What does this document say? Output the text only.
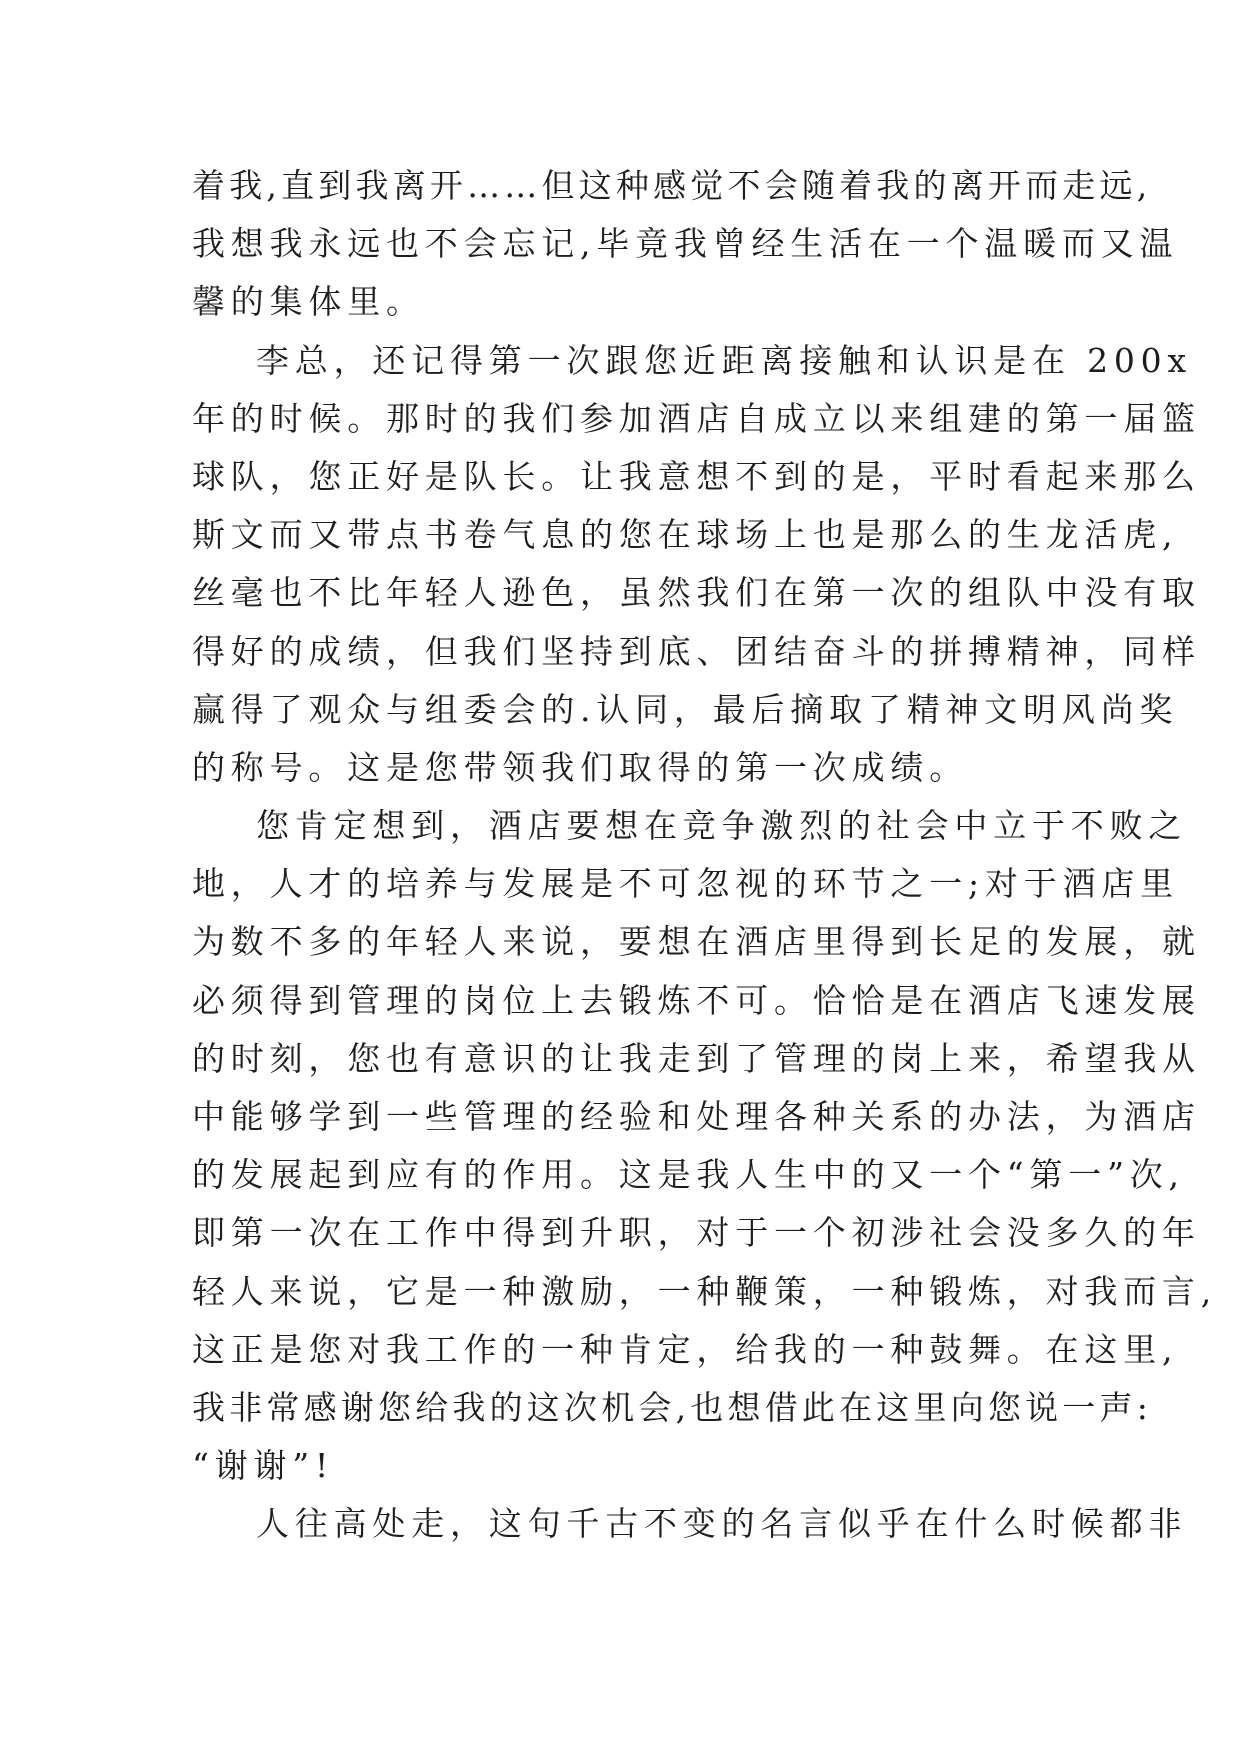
着我,直到我离开……但这种感觉不会随着我的离开而走远,
我想我永远也不会忘记,毕竟我曾经生活在一个温暖而又温
馨的集体里。
李总，还记得第一次跟您近距离接触和认识是在 200x
年的时候。那时的我们参加酒店自成立以来组建的第一届篮
球队，您正好是队长。让我意想不到的是，平时看起来那么
斯文而又带点书卷气息的您在球场上也是那么的生龙活虎,
丝毫也不比年轻人逊色，虽然我们在第一次的组队中没有取
得好的成绩，但我们坚持到底、团结奋斗的拼搏精神，同样
赢得了观众与组委会的.认同，最后摘取了精神文明风尚奖
的称号。这是您带领我们取得的第一次成绩。
您肯定想到，酒店要想在竞争激烈的社会中立于不败之
地，人才的培养与发展是不可忽视的环节之一;对于酒店里
为数不多的年轻人来说，要想在酒店里得到长足的发展，就
必须得到管理的岗位上去锻炼不可。恰恰是在酒店飞速发展
的时刻，您也有意识的让我走到了管理的岗上来，希望我从
中能够学到一些管理的经验和处理各种关系的办法，为酒店
的发展起到应有的作用。这是我人生中的又一个“第一”次,
即第一次在工作中得到升职，对于一个初涉社会没多久的年
轻人来说，它是一种激励，一种鞭策，一种锻炼，对我而言,
这正是您对我工作的一种肯定，给我的一种鼓舞。在这里,
我非常感谢您给我的这次机会,也想借此在这里向您说一声:
“谢谢”!
人往高处走，这句千古不变的名言似乎在什么时候都非
